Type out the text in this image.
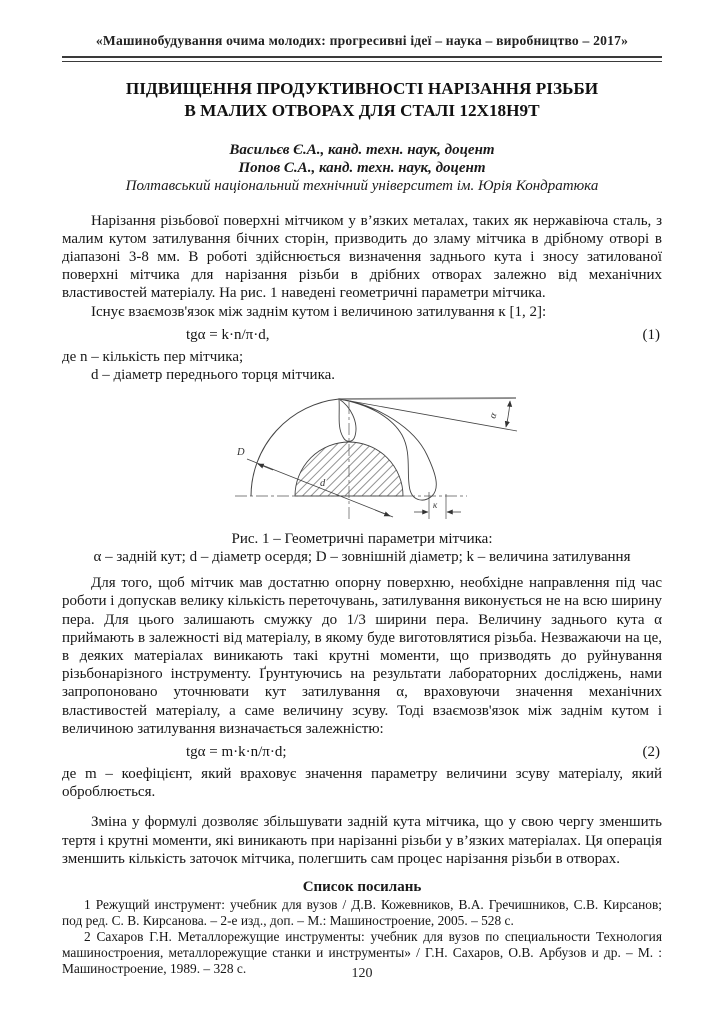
«Машинобудування очима молодих: прогресивні ідеї – наука – виробництво – 2017»
ПІДВИЩЕННЯ ПРОДУКТИВНОСТІ НАРІЗАННЯ РІЗЬБИ
В МАЛИХ ОТВОРАХ ДЛЯ СТАЛІ 12Х18Н9Т
Васильєв Є.А., канд. техн. наук, доцент
Попов С.А., канд. техн. наук, доцент
Полтавський національний технічний університет ім. Юрія Кондратюка

Нарізання різьбової поверхні мітчиком у в’язких металах, таких як нержавіюча сталь, з малим кутом затилування бічних сторін, призводить до зламу мітчика в дрібному отворі в діапазоні 3-8 мм. В роботі здійснюється визначення заднього кута і зносу затилованої поверхні мітчика для нарізання різьби в дрібних отворах залежно від механічних властивостей матеріалу. На рис. 1 наведені геометричні параметри мітчика.

Існує взаємозв'язок між заднім кутом і величиною затилування к [1, 2]:

tgα = k·n/π·d,	(1)

де n – кількість пер мітчика;

d – діаметр переднього торця мітчика.

α
D
d
к
Рис. 1 – Геометричні параметри мітчика:
α – задній кут; d – діаметр осердя; D – зовнішній діаметр; k – величина затилування

Для того, щоб мітчик мав достатню опорну поверхню, необхідне направлення під час роботи і допускав велику кількість переточувань, затилування виконується не на всю ширину пера. Для цього залишають смужку до 1/3 ширини пера. Величину заднього кута α приймають в залежності від матеріалу, в якому буде виготовлятися різьба. Незважаючи на це, в деяких матеріалах виникають такі крутні моменти, що призводять до руйнування різьбонарізного інструменту. Ґрунтуючись на результати лабораторних досліджень, нами запропоновано уточнювати кут затилування α, враховуючи значення механічних властивостей матеріалу, а саме величину зсуву. Тоді взаємозв'язок між заднім кутом і величиною затилування визначається залежністю:

tgα = m·k·n/π·d;	(2)

де m – коефіцієнт, який враховує значення параметру величини зсуву матеріалу, який оброблюється.

Зміна у формулі дозволяє збільшувати задній кута мітчика, що у свою чергу зменшить тертя і крутні моменти, які виникають при нарізанні різьби у в’язких матеріалах. Ця операція зменшить кількість заточок мітчика, полегшить сам процес нарізання різьби в отворах.

Список посилань

1 Режущий инструмент: учебник для вузов / Д.В. Кожевников, В.А. Гречишников, С.В. Кирсанов; под ред. С. В. Кирсанова. – 2-е изд., доп. – М.: Машиностроение, 2005. – 528 с.

2 Сахаров Г.Н. Металлорежущие инструменты: учебник для вузов по специальности Технология машиностроения, металлорежущие станки и инструменты» / Г.Н. Сахаров, О.В. Арбузов и др. – М. : Машиностроение, 1989. – 328 с.	120
